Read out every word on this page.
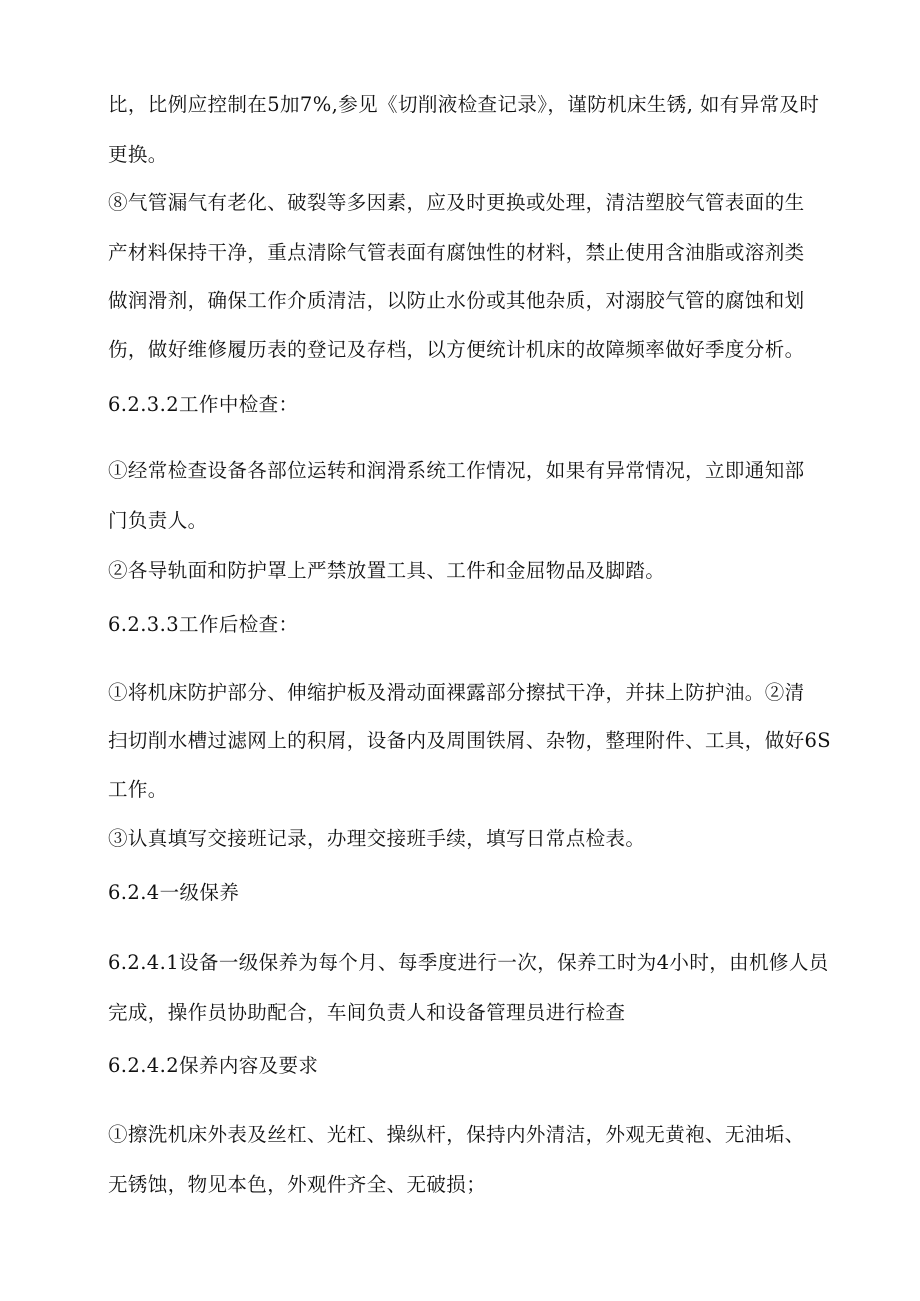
比，比例应控制在5加7%,参见《切削液检查记录》，谨防机床生锈, 如有异常及时
更换。
⑧气管漏气有老化、破裂等多因素，应及时更换或处理，清洁塑胶气管表面的生
产材料保持干净，重点清除气管表面有腐蚀性的材料，禁止使用含油脂或溶剂类
做润滑剂，确保工作介质清洁，以防止水份或其他杂质，对溺胶气管的腐蚀和划
伤，做好维修履历表的登记及存档，以方便统计机床的故障频率做好季度分析。
6.2.3.2工作中检查：
①经常检查设备各部位运转和润滑系统工作情况，如果有异常情况，立即通知部
门负责人。
②各导轨面和防护罩上严禁放置工具、工件和金屈物品及脚踏。
6.2.3.3工作后检查：
①将机床防护部分、伸缩护板及滑动面裸露部分擦拭干净，并抹上防护油。②清
扫切削水槽过滤网上的积屑，设备内及周围铁屑、杂物，整理附件、工具，做好6S
工作。
③认真填写交接班记录，办理交接班手续，填写日常点检表。
6.2.4一级保养
6.2.4.1设备一级保养为每个月、每季度进行一次，保养工时为4小时，由机修人员
完成，操作员协助配合，车间负责人和设备管理员进行检查
6.2.4.2保养内容及要求
①擦洗机床外表及丝杠、光杠、操纵杆，保持内外清洁，外观无黄袍、无油垢、
无锈蚀，物见本色，外观件齐全、无破损；
